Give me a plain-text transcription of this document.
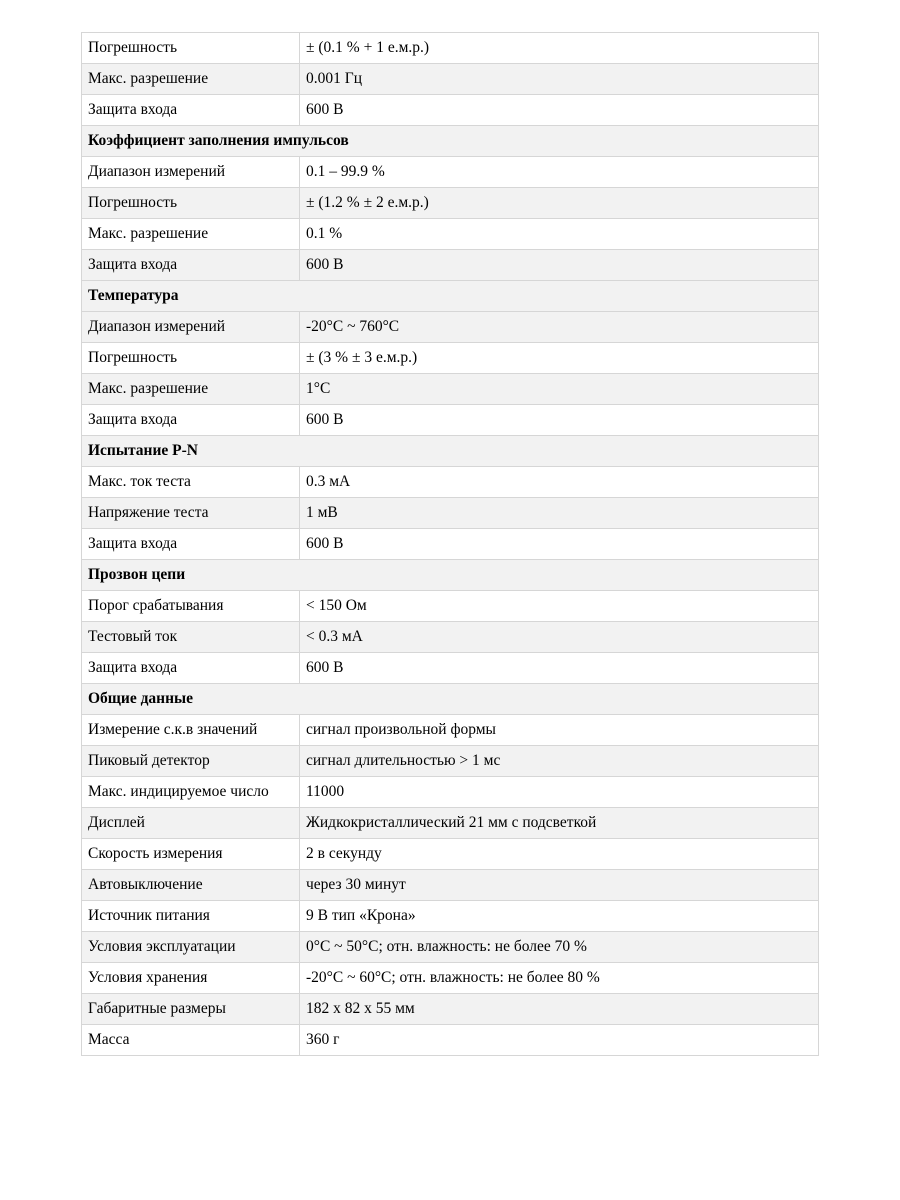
Погрешность	± (0.1 % + 1 е.м.р.)
Макс. разрешение	0.001 Гц
Защита входа	600 В
Коэффициент заполнения импульсов	
Диапазон измерений	0.1 – 99.9 %
Погрешность	± (1.2 % ± 2 е.м.р.)
Макс. разрешение	0.1 %
Защита входа	600 В
Температура	
Диапазон измерений	-20°C ~ 760°C
Погрешность	± (3 % ± 3 е.м.р.)
Макс. разрешение	1°C
Защита входа	600 В
Испытание P-N	
Макс. ток теста	0.3 мА
Напряжение теста	1 мВ
Защита входа	600 В
Прозвон цепи	
Порог срабатывания	< 150 Ом
Тестовый ток	< 0.3 мА
Защита входа	600 В
Общие данные	
Измерение с.к.в значений	сигнал произвольной формы
Пиковый детектор	сигнал длительностью > 1 мс
Макс. индицируемое число	11000
Дисплей	Жидкокристаллический 21 мм с подсветкой
Скорость измерения	2 в секунду
Автовыключение	через 30 минут
Источник питания	9 В тип «Крона»
Условия эксплуатации	0°C ~ 50°C; отн. влажность: не более 70 %
Условия хранения	-20°C ~ 60°C; отн. влажность: не более 80 %
Габаритные размеры	182 x 82 x 55 мм
Масса	360 г
